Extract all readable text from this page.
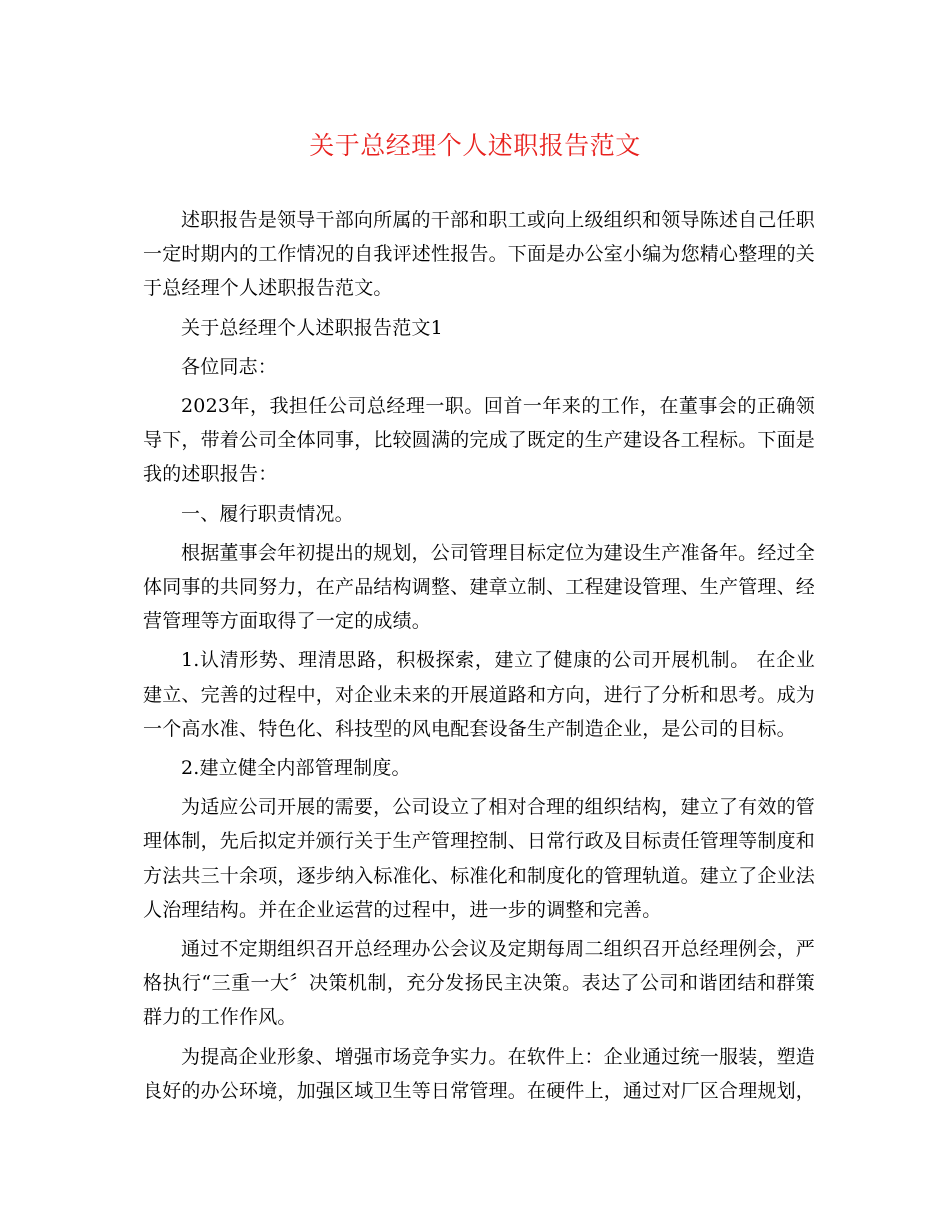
关于总经理个人述职报告范文

述职报告是领导干部向所属的干部和职工或向上级组织和领导陈述自己任职一定时期内的工作情况的自我评述性报告。下面是办公室小编为您精心整理的关于总经理个人述职报告范文。

关于总经理个人述职报告范文1

各位同志：

2023年，我担任公司总经理一职。回首一年来的工作，在董事会的正确领导下，带着公司全体同事，比较圆满的完成了既定的生产建设各工程标。下面是我的述职报告：

一、履行职责情况。

根据董事会年初提出的规划，公司管理目标定位为建设生产准备年。经过全体同事的共同努力，在产品结构调整、建章立制、工程建设管理、生产管理、经营管理等方面取得了一定的成绩。

1.认清形势、理清思路，积极探索，建立了健康的公司开展机制。 在企业建立、完善的过程中，对企业未来的开展道路和方向，进行了分析和思考。成为一个高水准、特色化、科技型的风电配套设备生产制造企业，是公司的目标。

2.建立健全内部管理制度。

为适应公司开展的需要，公司设立了相对合理的组织结构，建立了有效的管理体制，先后拟定并颁行关于生产管理控制、日常行政及目标责任管理等制度和方法共三十余项，逐步纳入标准化、标准化和制度化的管理轨道。建立了企业法人治理结构。并在企业运营的过程中，进一步的调整和完善。

通过不定期组织召开总经理办公会议及定期每周二组织召开总经理例会，严格执行“三重一大〞决策机制，充分发扬民主决策。表达了公司和谐团结和群策群力的工作作风。

为提高企业形象、增强市场竞争实力。在软件上：企业通过统一服装，塑造良好的办公环境，加强区域卫生等日常管理。在硬件上，通过对厂区合理规划，
